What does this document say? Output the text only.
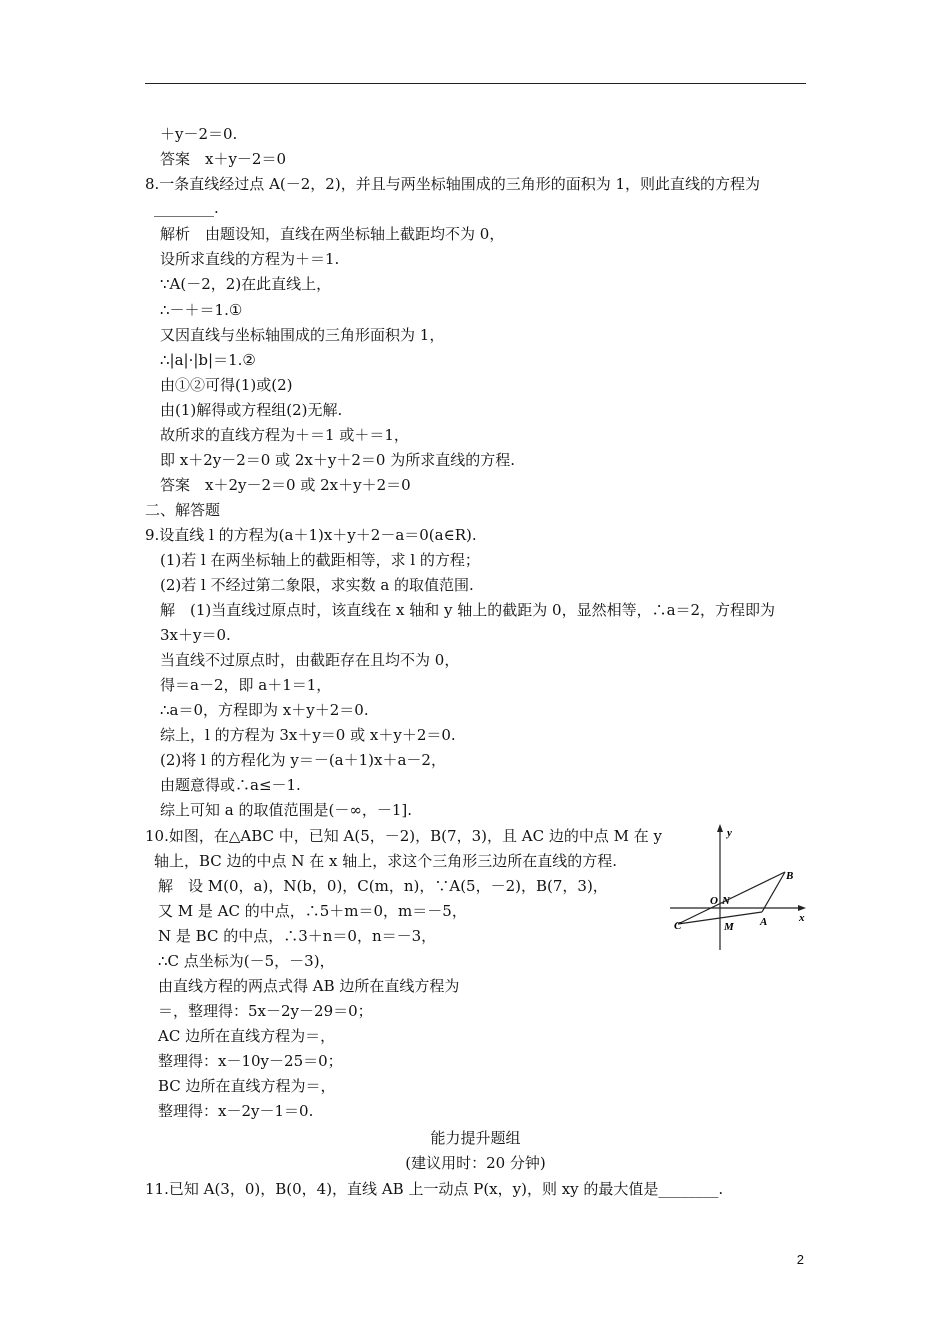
＋y－2＝0.
答案　x＋y－2＝0
8.一条直线经过点 A(－2，2)，并且与两坐标轴围成的三角形的面积为 1，则此直线的方程为
________.
解析　由题设知，直线在两坐标轴上截距均不为 0，
设所求直线的方程为＋＝1.
∵A(－2，2)在此直线上，
∴－＋＝1.①
又因直线与坐标轴围成的三角形面积为 1，
∴|a|·|b|＝1.②
由①②可得(1)或(2)
由(1)解得或方程组(2)无解.
故所求的直线方程为＋＝1 或＋＝1，
即 x＋2y－2＝0 或 2x＋y＋2＝0 为所求直线的方程.
答案　x＋2y－2＝0 或 2x＋y＋2＝0
二、解答题
9.设直线 l 的方程为(a＋1)x＋y＋2－a＝0(a∈R).
(1)若 l 在两坐标轴上的截距相等，求 l 的方程；
(2)若 l 不经过第二象限，求实数 a 的取值范围.
解　(1)当直线过原点时，该直线在 x 轴和 y 轴上的截距为 0，显然相等，∴a＝2，方程即为
3x＋y＝0.
当直线不过原点时，由截距存在且均不为 0，
得＝a－2，即 a＋1＝1，
∴a＝0，方程即为 x＋y＋2＝0.
综上，l 的方程为 3x＋y＝0 或 x＋y＋2＝0.
(2)将 l 的方程化为 y＝－(a＋1)x＋a－2，
由题意得或∴a≤－1.
综上可知 a 的取值范围是(－∞，－1].
10.如图，在△ABC 中，已知 A(5，－2)，B(7，3)，且 AC 边的中点 M 在 y
轴上，BC 边的中点 N 在 x 轴上，求这个三角形三边所在直线的方程.
解　设 M(0，a)，N(b，0)，C(m，n)，∵A(5，－2)，B(7，3)，
又 M 是 AC 的中点，∴5＋m＝0，m＝－5，
N 是 BC 的中点，∴3＋n＝0，n＝－3，
∴C 点坐标为(－5，－3)，
由直线方程的两点式得 AB 边所在直线方程为
＝，整理得：5x－2y－29＝0；
AC 边所在直线方程为＝，
整理得：x－10y－25＝0；
BC 边所在直线方程为＝，
整理得：x－2y－1＝0.
能力提升题组
(建议用时：20 分钟)
11.已知 A(3，0)，B(0，4)，直线 AB 上一动点 P(x，y)，则 xy 的最大值是________.
y
x
O N
B
A
M
C
2
